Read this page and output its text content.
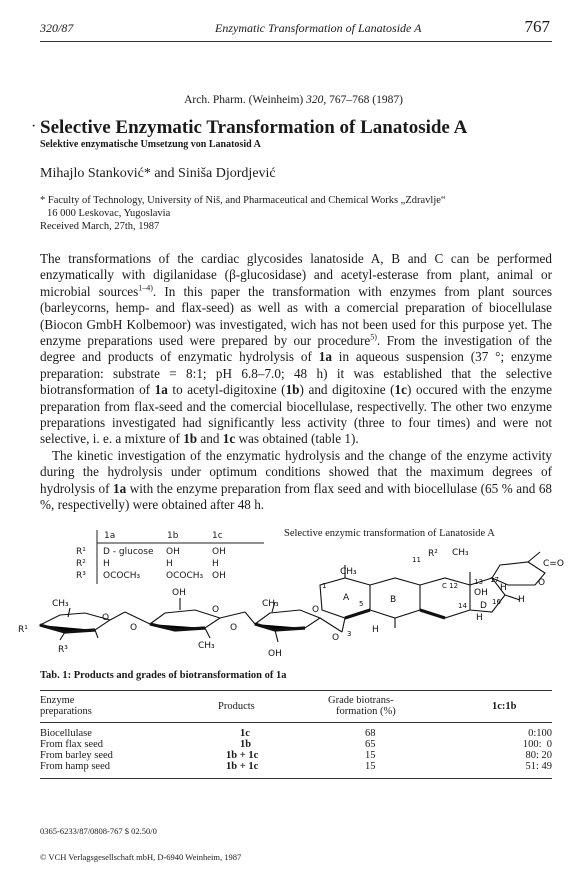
320/87	Enzymatic Transformation of Lanatoside A	767
Arch. Pharm. (Weinheim) 320, 767–768 (1987)
· Selective Enzymatic Transformation of Lanatoside A
Selektive enzymatische Umsetzung von Lanatosid A
Mihajlo Stanković* and Siniša Djordjević
* Faculty of Technology, University of Niš, and Pharmaceutical and Chemical Works „Zdravlje“
16 000 Leskovac, Yugoslavia
Received March, 27th, 1987

The transformations of the cardiac glycosides lanatoside A, B and C can be performed enzymatically with digilanidase (β-glucosidase) and acetyl-esterase from plant, animal or microbial sources$^{1-4)}$. In this paper the transformation with enzymes from plant sources (barleycorns, hemp- and flax-seed) as well as with a comercial preparation of biocellulase (Biocon GmbH Kolbemoor) was investigated, wich has not been used for this purpose yet. The enzyme preparations used were prepared by our procedure$^{5)}$. From the investigation of the degree and products of enzymatic hydrolysis of 1a in aqueous suspension (37 °; enzyme preparation: substrate = 8:1; pH 6.8–7.0; 48 h) it was established that the selective biotransformation of 1a to acetyl-digitoxine (1b) and digitoxine (1c) occured with the enzyme preparation from flax-seed and the comercial biocellulase, respectivelly. The other two enzyme preparations investigated had significantly less activity (three to four times) and were not selective, i. e. a mixture of 1b and 1c was obtained (table 1).

The kinetic investigation of the enzymatic hydrolysis and the change of the enzyme activity during the hydrolysis under optimum conditions showed that the maximum degrees of hydrolysis of 1a with the enzyme preparation from flax seed and with biocellulase (65 % and 68 %, respectivelly) were obtained after 48 h.

1a	1b	1c
R¹ D - glucose OH	OH
R² H	H	H
R³ OCOCH₃	OCOCH₃ OH
Selective enzymic transformation of Lanatoside A
R¹
R³
CH₃
O
O
OH
CH₃
O
O
CH₃
OH
O
O
CH₃
1
3
5
A	B
H
R²
11
CH₃
C 12 13
OH
14 D 16
17
H
H
H
C=O
O
Tab. 1: Products and grades of biotransformation of 1a
Enzyme
preparations	Products
Grade biotrans-
formation (%)	1c:1b
Biocellulase	1c	68	0:100
From flax seed	1b	65	100:  0
From barley seed	1b + 1c	15	80: 20
From hamp seed	1b + 1c	15	51: 49
0365-6233/87/0808-767 $ 02.50/0
© VCH Verlagsgesellschaft mbH, D-6940 Weinheim, 1987
